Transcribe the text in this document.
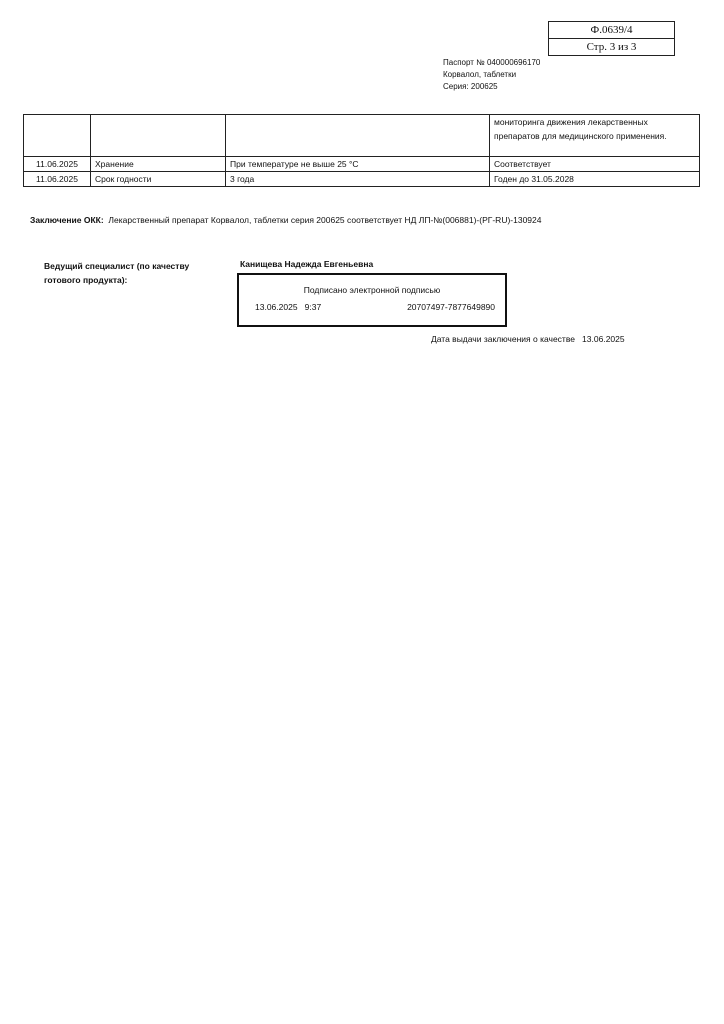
Ф.0639/4
Стр. 3 из 3
Паспорт № 040000696170
Корвалол, таблетки
Серия: 200625
			мониторинга движения лекарственных препаратов для медицинского применения.
11.06.2025	Хранение	При температуре не выше 25 °С	Соответствует
11.06.2025	Срок годности	3 года	Годен до 31.05.2028
Заключение ОКК: Лекарственный препарат Корвалол, таблетки серия 200625 соответствует НД ЛП-№(006881)-(РГ-RU)-130924
Ведущий специалист (по качеству готового продукта):
Канищева Надежда Евгеньевна
Подписано электронной подписью
13.06.2025   9:37	20707497-7877649890
Дата выдачи заключения о качестве   13.06.2025
